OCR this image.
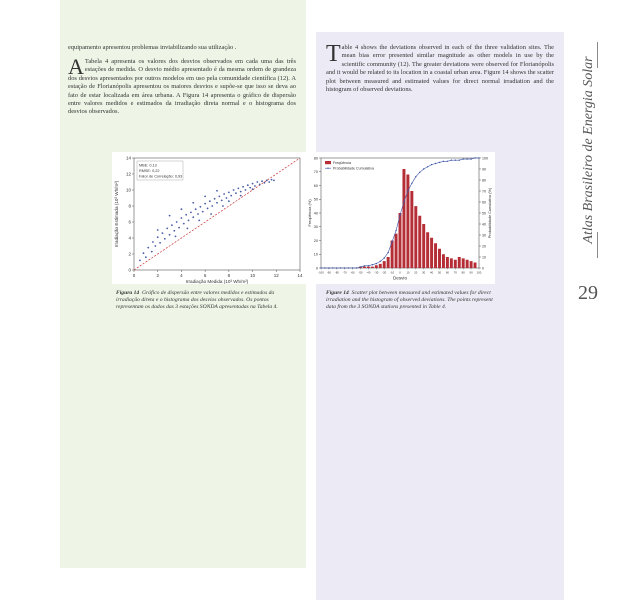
equipamento apresentou problemas inviabilizando sua utilização .
A Tabela 4 apresenta os valores dos desvios observados em cada uma das três estações de medida. O desvio médio apresentado é da mesma ordem de grandeza dos desvios apresentados por outros modelos em uso pela comunidade científica (12). A estação de Florianópolis apresentou os maiores desvios e supõe-se que isso se deva ao fato de estar localizada em área urbana. A Figura 14 apresenta o gráfico de dispersão entre valores medidos e estimados da irradiação direta normal e o histograma dos desvios observados.
Table 4 shows the deviations observed in each of the three validation sites. The mean bias error presented similar magnitude as other models in use by the scientific community (12). The greater deviations were observed for Florianópolis and it would be related to its location in a coastal urban area. Figure 14 shows the scatter plot between measured and estimated values for direct normal irradiation and the histogram of observed deviations.
0	2	4	6	8	10	12	14
0
2
4
6
8
10
12
14
MBE: 0,13
RMSE: 0,22
Fator de Correlação: 0,93
Irradiação Medida (10³ Wh/m²)
Irradiação Estimada (10³ Wh/m²)
0
10
20
30
40
50
60
70
80
0
10
20
30
40
50
60
70
80
90
100
-100 -90 -80 -70 -60 -50 -40 -30 -20 -10 0 10 20 30 40 50 60 70 80 90 100
Freqüência
Probabilidade Cumulativa
Desvio
Freqüência (%)	Probabilidade Cumulativa (%)
Figura 14 Gráfico de dispersão entre valores medidos e estimados da irradiação direta e o histograma dos desvios observados. Os pontos representam os dados das 3 estações SONDA apresentadas na Tabela 4.
Figure 14 Scatter plot between measured and estimated values for direct irradiation and the histogram of observed deviations. The points represent data from the 3 SONDA stations presented in Table 4.
Atlas Brasileiro de Energia Solar
29
